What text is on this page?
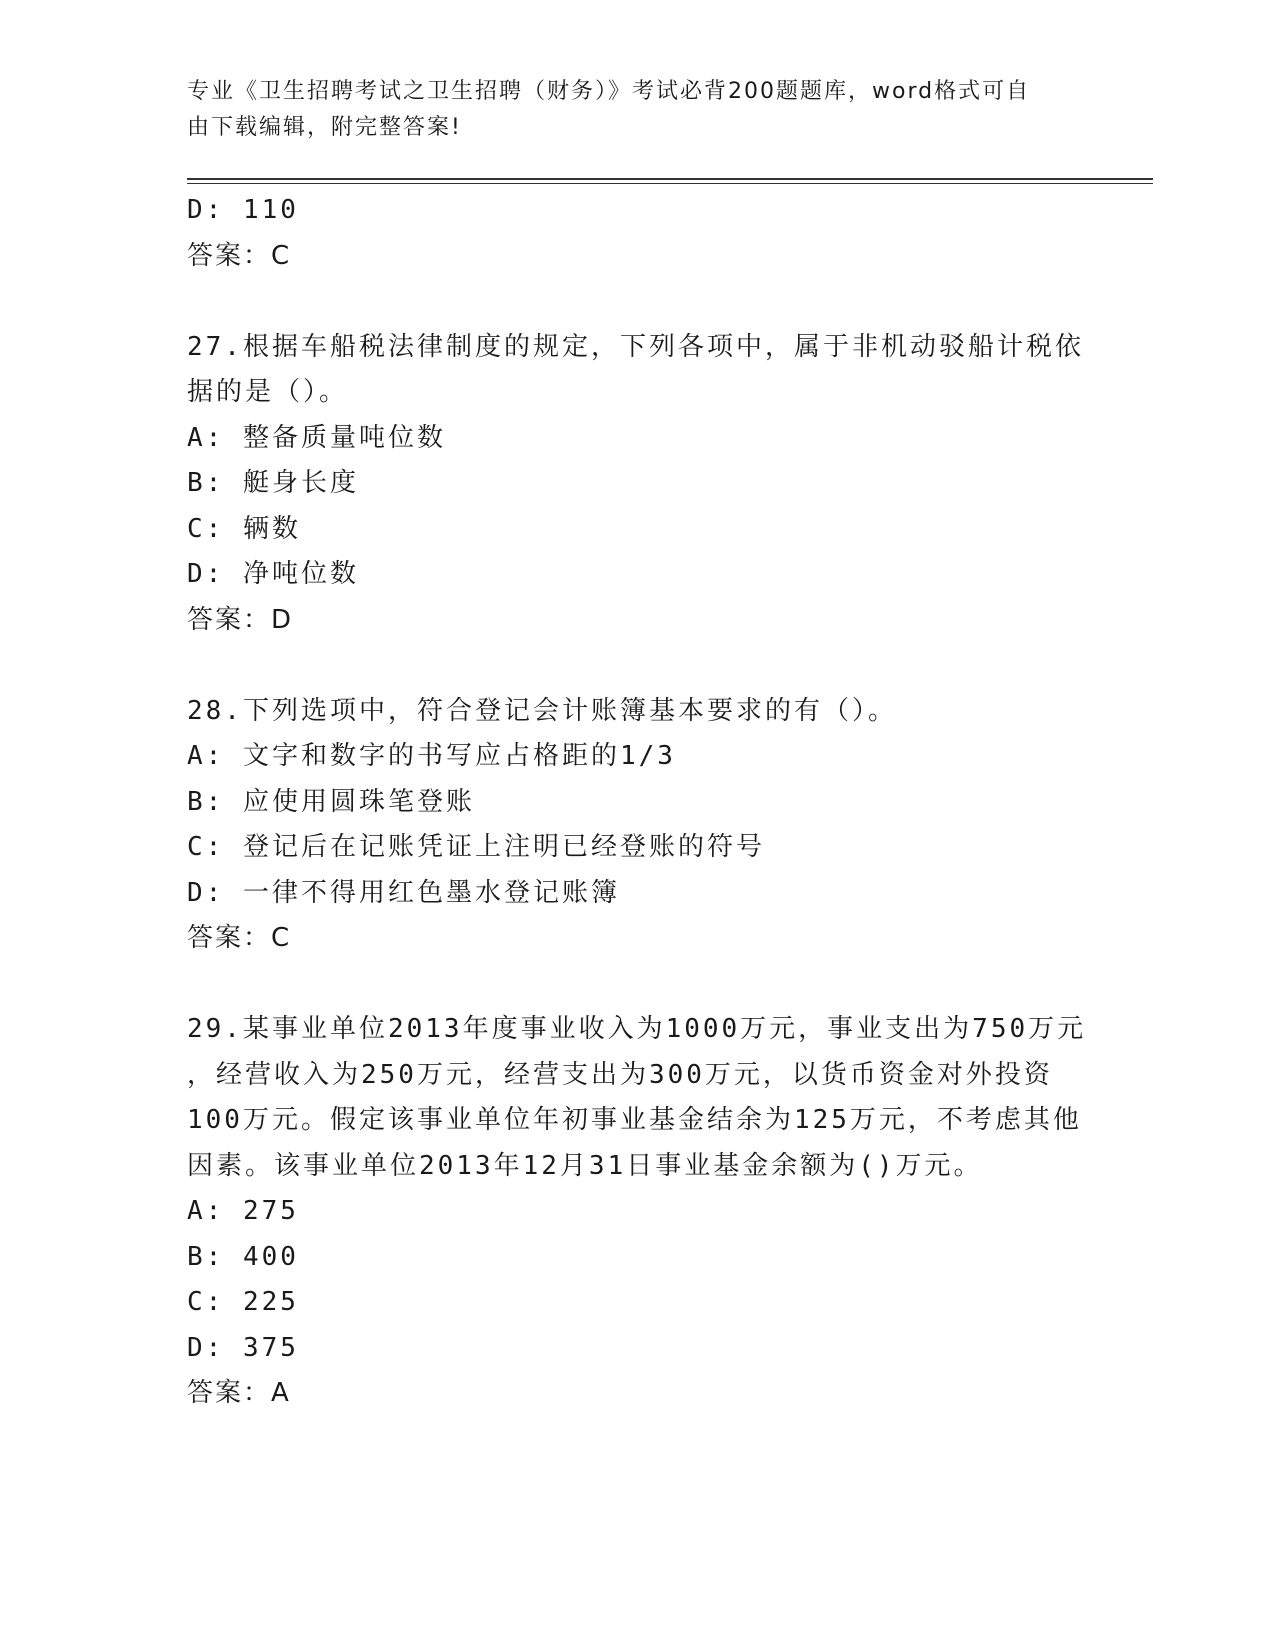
专业《卫生招聘考试之卫生招聘（财务）》考试必背200题题库，word格式可自
由下载编辑，附完整答案!
D: 110
答案：C
27.根据车船税法律制度的规定，下列各项中，属于非机动驳船计税依
据的是（）。
A: 整备质量吨位数
B: 艇身长度
C: 辆数
D: 净吨位数
答案：D
28.下列选项中，符合登记会计账簿基本要求的有（）。
A: 文字和数字的书写应占格距的1/3
B: 应使用圆珠笔登账
C: 登记后在记账凭证上注明已经登账的符号
D: 一律不得用红色墨水登记账簿
答案：C
29.某事业单位2013年度事业收入为1000万元，事业支出为750万元
，经营收入为250万元，经营支出为300万元，以货币资金对外投资
100万元。假定该事业单位年初事业基金结余为125万元，不考虑其他
因素。该事业单位2013年12月31日事业基金余额为()万元。
A: 275
B: 400
C: 225
D: 375
答案：A
